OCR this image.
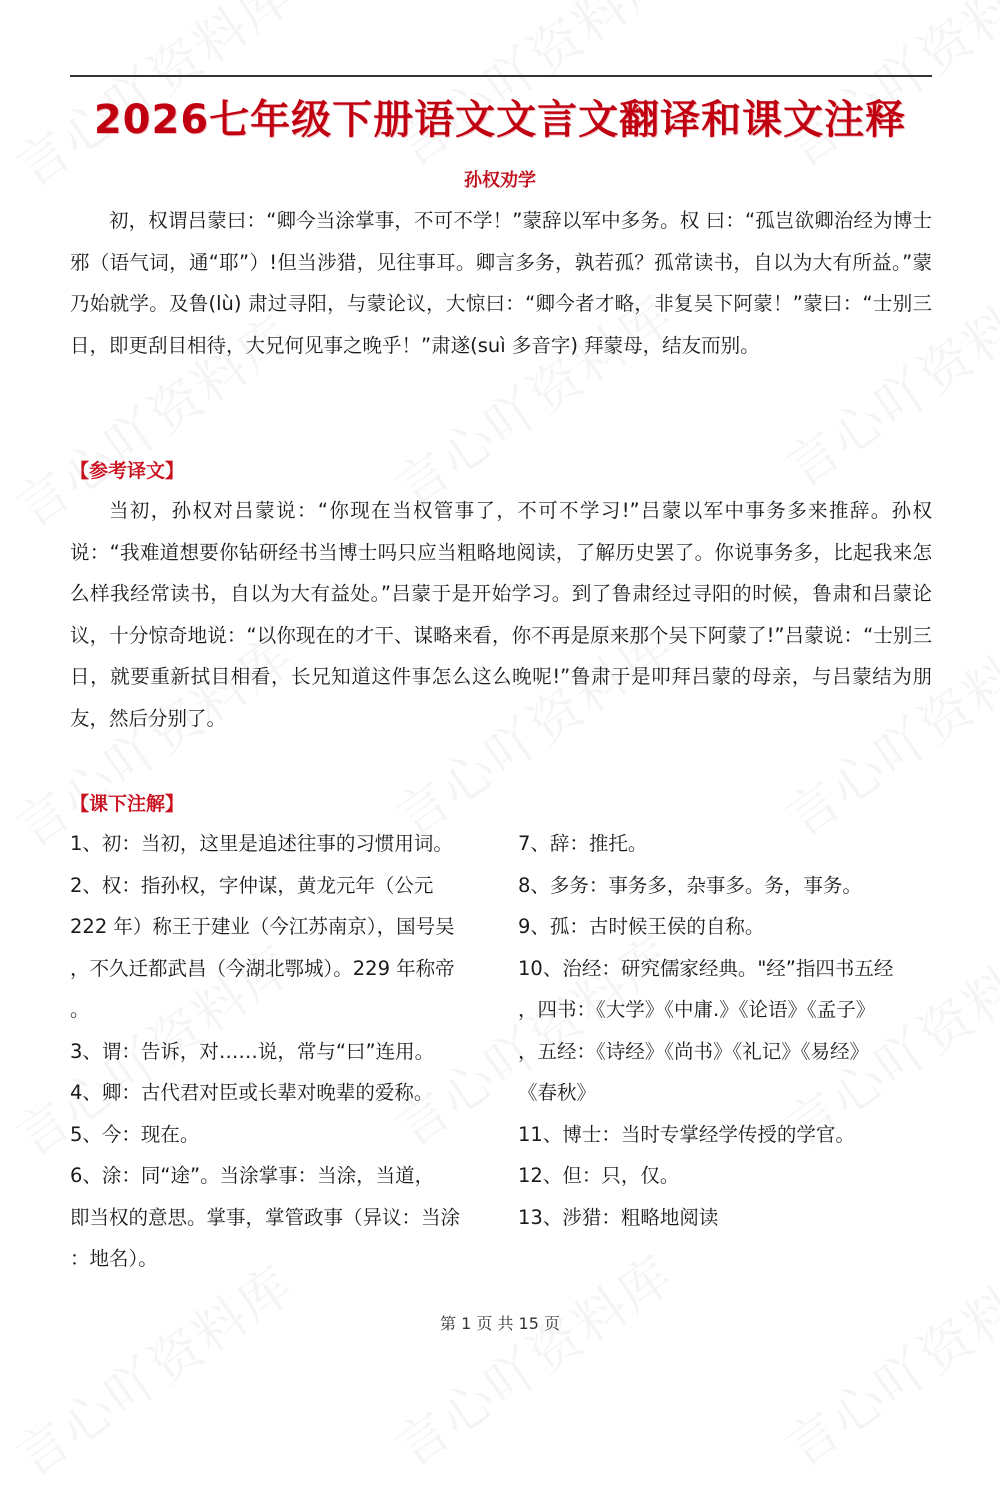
2026七年级下册语文文言文翻译和课文注释
孙权劝学

初，权谓吕蒙曰：“卿今当涂掌事，不可不学！”蒙辞以军中多务。权 曰：“孤岂欲卿治经为博士邪（语气词，通“耶”）!但当涉猎，见往事耳。卿言多务，孰若孤？孤常读书，自以为大有所益。”蒙乃始就学。及鲁(lù) 肃过寻阳，与蒙论议，大惊曰：“卿今者才略，非复吴下阿蒙！”蒙曰：“士别三日，即更刮目相待，大兄何见事之晚乎！”肃遂(suì 多音字) 拜蒙母，结友而别。

【参考译文】

当初，孙权对吕蒙说：“你现在当权管事了，不可不学习!”吕蒙以军中事务多来推辞。孙权说：“我难道想要你钻研经书当博士吗只应当粗略地阅读，了解历史罢了。你说事务多，比起我来怎么样我经常读书，自以为大有益处。”吕蒙于是开始学习。到了鲁肃经过寻阳的时候，鲁肃和吕蒙论议，十分惊奇地说：“以你现在的才干、谋略来看，你不再是原来那个吴下阿蒙了!”吕蒙说：“士别三日，就要重新拭目相看，长兄知道这件事怎么这么晚呢!”鲁肃于是叩拜吕蒙的母亲，与吕蒙结为朋友，然后分别了。

【课下注解】
1、初：当初，这里是追述往事的习惯用词。
2、权：指孙权，字仲谋，黄龙元年（公元
222 年）称王于建业（今江苏南京），国号吴
，不久迁都武昌（今湖北鄂城）。229 年称帝
。
3、谓：告诉，对……说，常与“曰”连用。
4、卿：古代君对臣或长辈对晚辈的爱称。
5、今：现在。
6、涂：同“途”。当涂掌事：当涂，当道，
即当权的意思。掌事，掌管政事（异议：当涂
：地名）。
7、辞：推托。
8、多务：事务多，杂事多。务，事务。
9、孤：古时候王侯的自称。
10、治经：研究儒家经典。"经”指四书五经
，四书：《大学》《中庸.》《论语》《孟子》
，五经：《诗经》《尚书》《礼记》《易经》
《春秋》
11、博士：当时专掌经学传授的学官。
12、但：只，仅。
13、涉猎：粗略地阅读
第 1 页 共 15 页
